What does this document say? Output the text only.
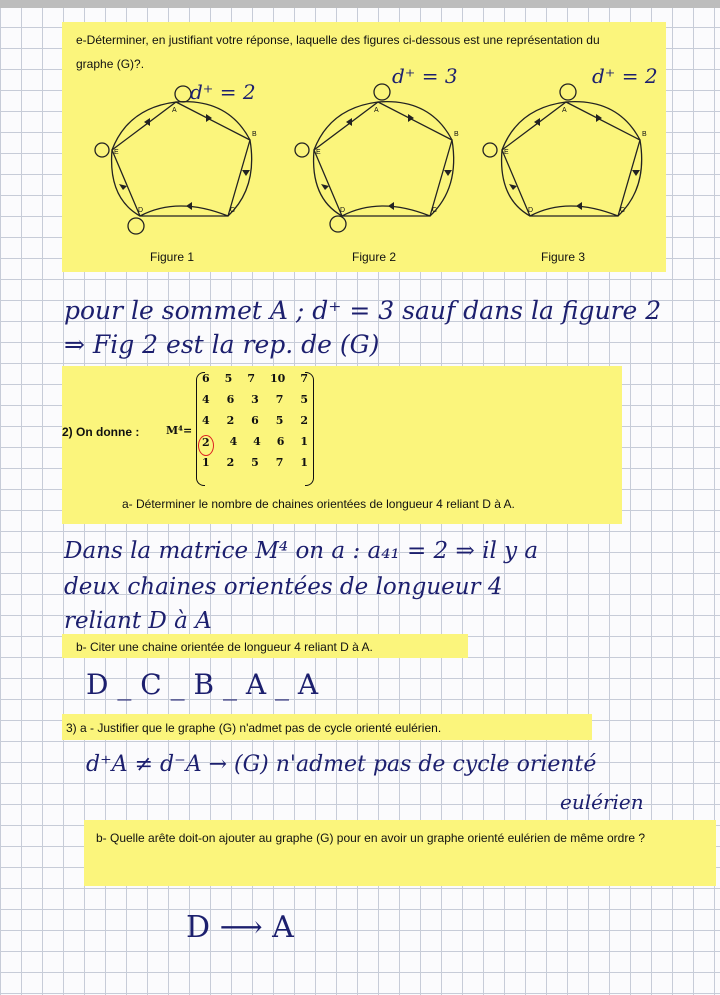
e-Déterminer, en justifiant votre réponse, laquelle des figures ci-dessous est une représentation du graphe (G)?.

A
B
C
D
E
d⁺ = 2
Figure 1
A
B
C
D
E
d⁺ = 3
Figure 2
A
B
C
D
E
d⁺ = 2
Figure 3

pour le sommet A ; d⁺ = 3 sauf dans la figure 2

⇒ Fig 2 est la rep. de (G)

2) On donne : M⁴=
6 5 7 10 7
4 6 3 7 5
4 2 6 5 2
2	4 4 6 1
1 2 5 7 1
a- Déterminer le nombre de chaines orientées de longueur 4 reliant D à A.

Dans la matrice M⁴ on a : a₄₁ = 2 ⇒ il y a

deux chaines orientées de longueur 4

reliant D à A

b- Citer une chaine orientée de longueur 4 reliant D à A.

D _ C _ B _ A _ A

3) a - Justifier que le graphe (G) n'admet pas de cycle orienté eulérien.

d⁺A ≠ d⁻A → (G) n'admet pas de cycle orienté

eulérien

b- Quelle arête doit-on ajouter au graphe (G) pour en avoir un graphe orienté eulérien de même ordre ?

D ⟶ A
